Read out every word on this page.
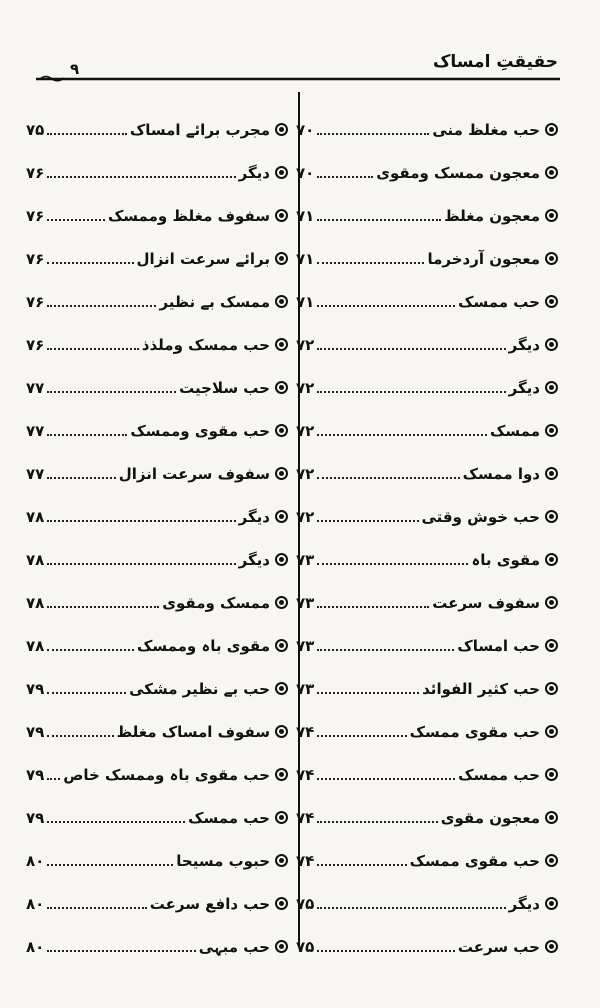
حقیقتِ امساک
۹
حب مغلظ منی
۷۰
معجون ممسک ومقوی
۷۰
معجون مغلظ
۷۱
معجون آردخرما
۷۱
حب ممسک
۷۱
دیگر
۷۲
دیگر
۷۲
ممسک
۷۲
دوا ممسک
۷۲
حب خوش وقتی
۷۲
مقوی باہ
۷۳
سفوف سرعت
۷۳
حب امساک
۷۳
حب کثیر الفوائد
۷۳
حب مقوی ممسک
۷۴
حب ممسک
۷۴
معجون مقوی
۷۴
حب مقوی ممسک
۷۴
دیگر
۷۵
حب سرعت
۷۵
مجرب برائے امساک
۷۵
دیگر
۷۶
سفوف مغلظ وممسک
۷۶
برائے سرعت انزال
۷۶
ممسک بے نظیر
۷۶
حب ممسک وملذذ
۷۶
حب سلاجیت
۷۷
حب مقوی وممسک
۷۷
سفوف سرعت انزال
۷۷
دیگر
۷۸
دیگر
۷۸
ممسک ومقوی
۷۸
مقوی باہ وممسک
۷۸
حب بے نظیر مشکی
۷۹
سفوف امساک مغلظ
۷۹
حب مقوی باہ وممسک خاص
۷۹
حب ممسک
۷۹
حبوب مسیحا
۸۰
حب دافع سرعت
۸۰
حب مبہی
۸۰
